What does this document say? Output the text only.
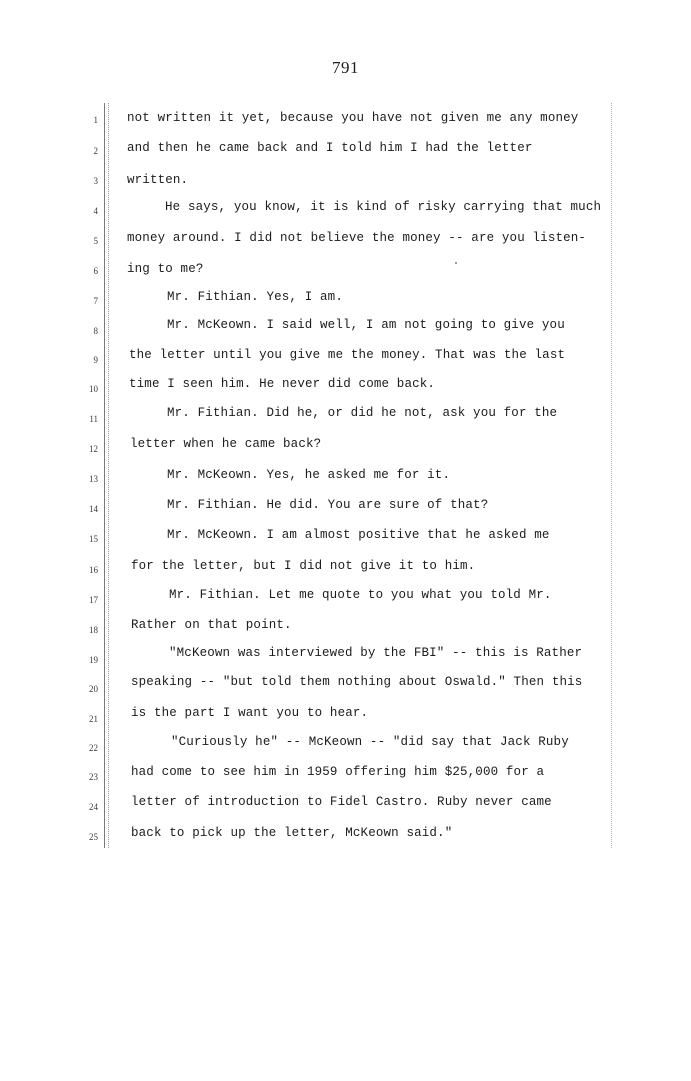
791
1
2
3
4
5
6
7
8
9
10
11
12
13
14
15
16
17
18
19
20
21
22
23
24
25
not written it yet, because you have not given me any money
and then he came back and I told him I had the letter
written.
He says, you know, it is kind of risky carrying that much
money around. I did not believe the money -- are you listen-
ing to me?
Mr. Fithian. Yes, I am.
Mr. McKeown. I said well, I am not going to give you
the letter until you give me the money. That was the last
time I seen him. He never did come back.
Mr. Fithian. Did he, or did he not, ask you for the
letter when he came back?
Mr. McKeown. Yes, he asked me for it.
Mr. Fithian. He did. You are sure of that?
Mr. McKeown. I am almost positive that he asked me
for the letter, but I did not give it to him.
Mr. Fithian. Let me quote to you what you told Mr.
Rather on that point.
"McKeown was interviewed by the FBI" -- this is Rather
speaking -- "but told them nothing about Oswald." Then this
is the part I want you to hear.
"Curiously he" -- McKeown -- "did say that Jack Ruby
had come to see him in 1959 offering him $25,000 for a
letter of introduction to Fidel Castro. Ruby never came
back to pick up the letter, McKeown said."
